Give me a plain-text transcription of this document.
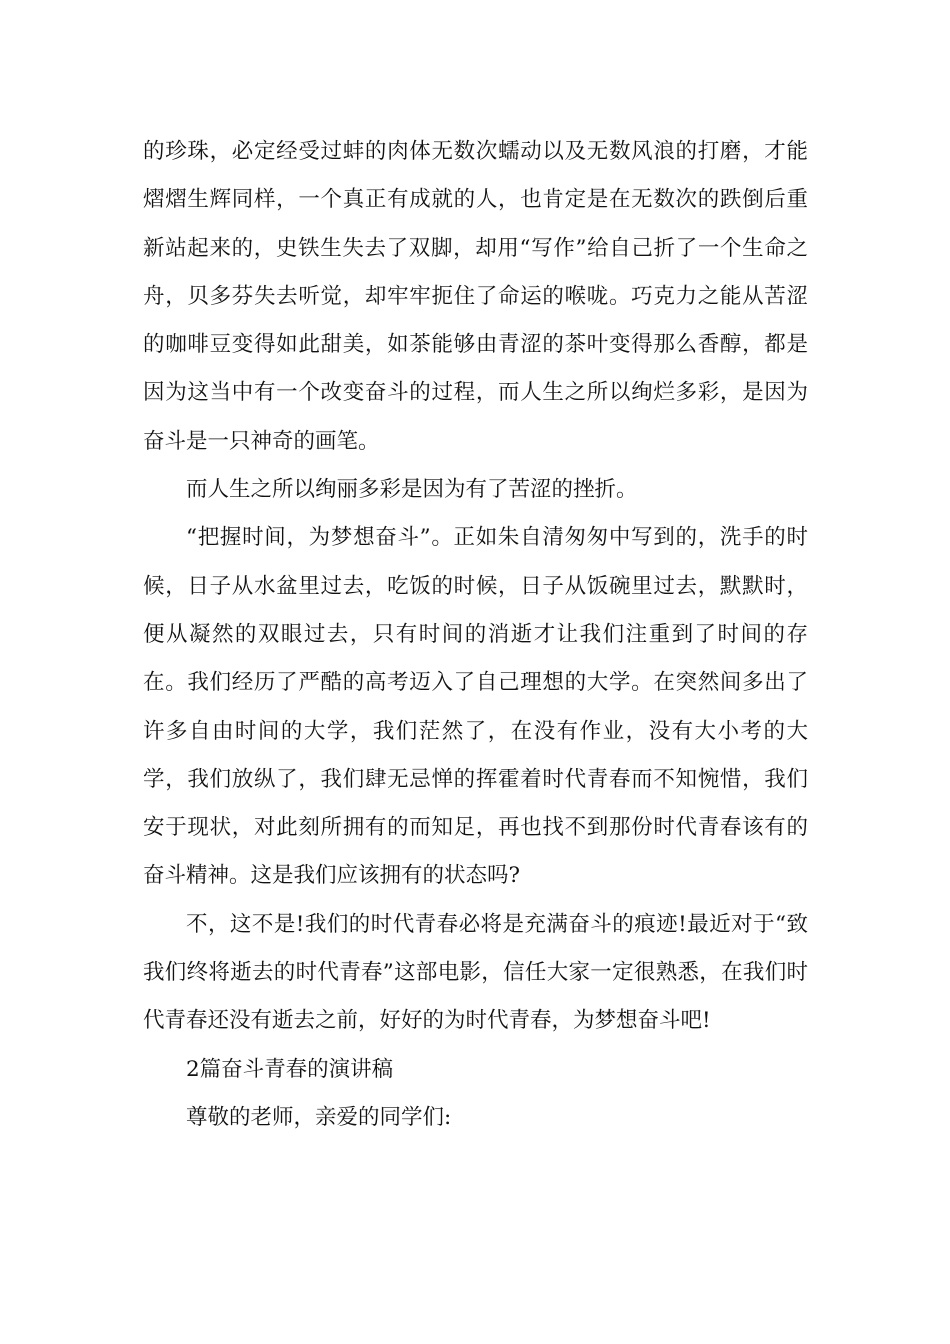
的珍珠，必定经受过蚌的肉体无数次蠕动以及无数风浪的打磨，才能熠熠生辉同样，一个真正有成就的人，也肯定是在无数次的跌倒后重新站起来的，史铁生失去了双脚，却用“写作”给自己折了一个生命之舟，贝多芬失去听觉，却牢牢扼住了命运的喉咙。巧克力之能从苦涩的咖啡豆变得如此甜美，如茶能够由青涩的茶叶变得那么香醇，都是因为这当中有一个改变奋斗的过程，而人生之所以绚烂多彩，是因为奋斗是一只神奇的画笔。

而人生之所以绚丽多彩是因为有了苦涩的挫折。

“把握时间，为梦想奋斗”。正如朱自清匆匆中写到的，洗手的时候，日子从水盆里过去，吃饭的时候，日子从饭碗里过去，默默时，便从凝然的双眼过去，只有时间的消逝才让我们注重到了时间的存在。我们经历了严酷的高考迈入了自己理想的大学。在突然间多出了许多自由时间的大学，我们茫然了，在没有作业，没有大小考的大学，我们放纵了，我们肆无忌惮的挥霍着时代青春而不知惋惜，我们安于现状，对此刻所拥有的而知足，再也找不到那份时代青春该有的奋斗精神。这是我们应该拥有的状态吗?

不，这不是!我们的时代青春必将是充满奋斗的痕迹!最近对于“致我们终将逝去的时代青春”这部电影，信任大家一定很熟悉，在我们时代青春还没有逝去之前，好好的为时代青春，为梦想奋斗吧!

2篇奋斗青春的演讲稿

尊敬的老师，亲爱的同学们:
